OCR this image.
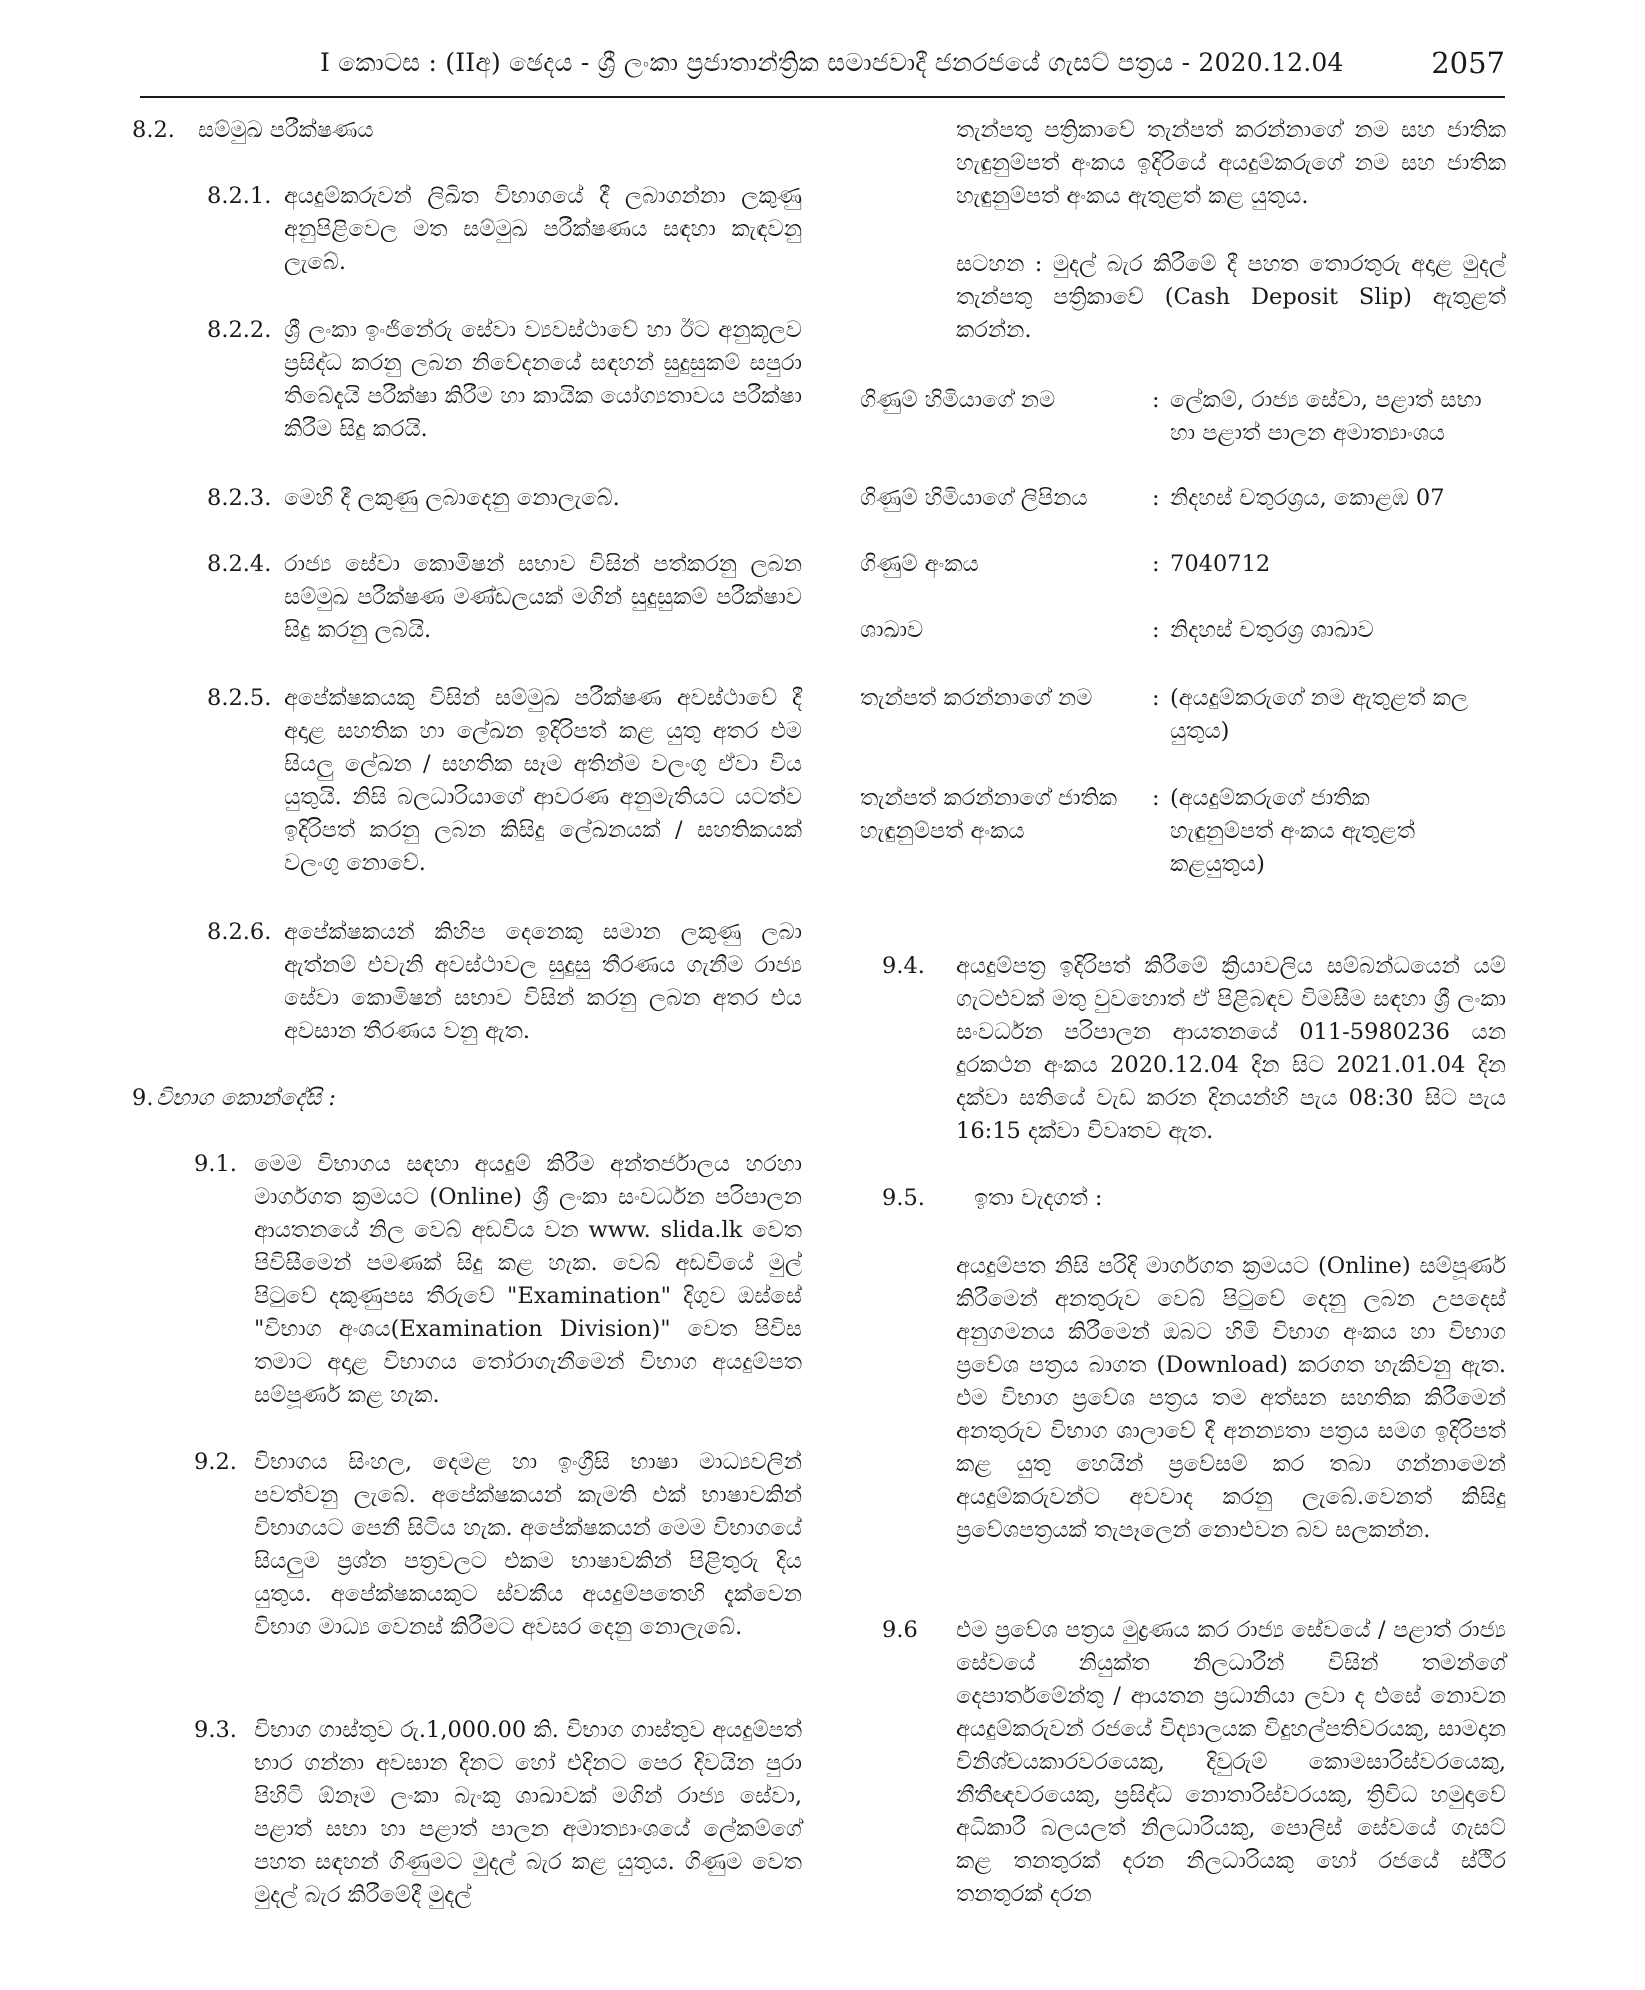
I කොටස : (IIඅ) ඡෙදය - ශ්‍රී ලංකා ප්‍රජාතාන්ත්‍රික සමාජවාදී ජනරජයේ ගැසට් පත්‍රය - 2020.12.04	2057
8.2. සම්මුඛ පරීක්ෂණය
8.2.1. අයදුම්කරුවන් ලිඛිත විභාගයේ දී ලබාගන්නා ලකුණු අනුපිළිවෙල මත සම්මුඛ පරීක්ෂණය සඳහා කැඳවනු ලැබේ.
8.2.2. ශ්‍රී ලංකා ඉංජිනේරු සේවා ව්‍යවස්ථාවේ හා ඊට අනුකූලව ප්‍රසිද්ධ කරනු ලබන නිවේදනයේ සඳහන් සුදුසුකම් සපුරා තිබේදැයි පරීක්ෂා කිරීම හා කායික යෝග්‍යතාවය පරීක්ෂා කිරීම සිදු කරයි.
8.2.3. මෙහි දී ලකුණු ලබාදෙනු නොලැබේ.
8.2.4. රාජ්‍ය සේවා කොමිෂන් සභාව විසින් පත්කරනු ලබන සම්මුඛ පරීක්ෂණ මණ්ඩලයක් මගින් සුදුසුකම් පරීක්ෂාව සිදු කරනු ලබයි.
8.2.5. අපේක්ෂකයකු විසින් සම්මුඛ පරීක්ෂණ අවස්ථාවේ දී අදාළ සහතික හා ලේඛන ඉදිරිපත් කළ යුතු අතර එම සියලු ලේඛන / සහතික සෑම අතින්ම වලංගු ඒවා විය යුතුයි. නිසි බලධාරියාගේ ආවරණ අනුමැතියට යටත්ව ඉදිරිපත් කරනු ලබන කිසිදු ලේඛනයක් / සහතිකයක් වලංගු නොවේ.
8.2.6. අපේක්ෂකයන් කිහිප දෙනෙකු සමාන ලකුණු ලබා ඇත්නම් එවැනි අවස්ථාවල සුදුසු තීරණය ගැනීම රාජ්‍ය සේවා කොමිෂන් සභාව විසින් කරනු ලබන අතර එය අවසාන තීරණය වනු ඇත.
9. විභාග කොන්දේසි :
9.1. මෙම විභාගය සඳහා අයදුම් කිරීම අන්තර්ජාලය හරහා මාර්ගගත ක්‍රමයට (Online) ශ්‍රී ලංකා සංවර්ධන පරිපාලන ආයතනයේ නිල වෙබ් අඩවිය වන www. slida.lk වෙත පිවිසීමෙන් පමණක් සිදු කළ හැක. වෙබ් අඩවියේ මුල් පිටුවේ දකුණුපස තීරුවේ "Examination" දිගුව ඔස්සේ "විභාග අංශය(Examination Division)" වෙත පිවිස තමාට අදාළ විභාගය තෝරාගැනීමෙන් විභාග අයදුම්පත සම්පූර්ණ කළ හැක.
9.2. විභාගය සිංහල, දෙමළ හා ඉංග්‍රීසි භාෂා මාධ්‍යවලින් පවත්වනු ලැබේ. අපේක්ෂකයන් කැමති එක් භාෂාවකින් විභාගයට පෙනී සිටිය හැක. අපේක්ෂකයන් මෙම විභාගයේ සියලුම ප්‍රශ්න පත්‍රවලට එකම භාෂාවකින් පිළිතුරු දිය යුතුය. අපේක්ෂකයකුට ස්වකීය අයදුම්පතෙහි දැක්වෙන විභාග මාධ්‍ය වෙනස් කිරීමට අවසර දෙනු නොලැබේ.
9.3. විභාග ගාස්තුව රු.1,000.00 කි. විභාග ගාස්තුව අයදුම්පත් භාර ගන්නා අවසාන දිනට හෝ එදිනට පෙර දිවයින පුරා පිහිටි ඕනෑම ලංකා බැංකු ශාඛාවක් මගින් රාජ්‍ය සේවා, පළාත් සභා හා පළාත් පාලන අමාත්‍යාංශයේ ලේකම්ගේ පහත සඳහන් ගිණුමට මුදල් බැර කළ යුතුය. ගිණුම වෙත මුදල් බැර කිරීමේදී මුදල්
තැන්පතු පත්‍රිකාවේ තැන්පත් කරන්නාගේ නම සහ ජාතික හැඳුනුම්පත් අංකය ඉදිරියේ අයදුම්කරුගේ නම සහ ජාතික හැඳුනුම්පත් අංකය ඇතුළත් කළ යුතුය.
සටහන : මුදල් බැර කිරීමේ දී පහත තොරතුරු අදාළ මුදල් තැන්පතු පත්‍රිකාවේ (Cash Deposit Slip) ඇතුළත් කරන්න.
ගිණුම් හිමියාගේ නම	: ලේකම්, රාජ්‍ය සේවා, පළාත් සභා හා පළාත් පාලන අමාත්‍යාංශය
ගිණුම් හිමියාගේ ලිපිනය	: නිදහස් චතුරශ්‍රය, කොළඹ 07
ගිණුම් අංකය	: 7040712
ශාඛාව	: නිදහස් චතුරශ්‍ර ශාඛාව
තැන්පත් කරන්නාගේ නම	: (අයදුම්කරුගේ නම ඇතුළත් කල යුතුය)
තැන්පත් කරන්නාගේ ජාතික හැඳුනුම්පත් අංකය
: (අයදුම්කරුගේ ජාතික හැඳුනුම්පත් අංකය ඇතුළත් කළයුතුය)
9.4. අයදුම්පත්‍ර ඉදිරිපත් කිරීමේ ක්‍රියාවලිය සම්බන්ධයෙන් යම් ගැටළුවක් මතු වුවහොත් ඒ පිළිබඳව විමසීම සඳහා ශ්‍රී ලංකා සංවර්ධන පරිපාලන ආයතනයේ 011-5980236 යන දුරකථන අංකය 2020.12.04 දින සිට 2021.01.04 දින දක්වා සතියේ වැඩ කරන දිනයන්හි පැය 08:30 සිට පැය 16:15 දක්වා විවෘතව ඇත.
9.5. ඉතා වැදගත් :
අයදුම්පත නිසි පරිදි මාර්ගගත ක්‍රමයට (Online) සම්පූර්ණ කිරීමෙන් අනතුරුව වෙබ් පිටුවේ දෙනු ලබන උපදෙස් අනුගමනය කිරීමෙන් ඔබට හිමි විභාග අංකය හා විභාග ප්‍රවේශ පත්‍රය බාගත (Download) කරගත හැකිවනු ඇත. එම විභාග ප්‍රවේශ පත්‍රය තම අත්සන සහතික කිරීමෙන් අනතුරුව විභාග ශාලාවේ දී අනන්‍යතා පත්‍රය සමග ඉදිරිපත් කළ යුතු හෙයින් ප්‍රවේසම් කර තබා ගන්නාමෙන් අයදුම්කරුවන්ට අවවාද කරනු ලැබේ.වෙනත් කිසිදු ප්‍රවේශපත්‍රයක් තැපෑලෙන් නොඑවන බව සලකන්න.
9.6 එම ප්‍රවේශ පත්‍රය මුද්‍රණය කර රාජ්‍ය සේවයේ / පළාත් රාජ්‍ය සේවයේ නියුක්ත නිලධාරීන් විසින් තමන්ගේ දෙපාර්තමේන්තු / ආයතන ප්‍රධානියා ලවා ද එසේ නොවන අයදුම්කරුවන් රජයේ විද්‍යාලයක විදුහල්පතිවරයකු, සාමදාන විනිශ්චයකාරවරයෙකු, දිවුරුම් කොමසාරිස්වරයෙකු, නීතීඥවරයෙකු, ප්‍රසිද්ධ නොතාරිස්වරයකු, ත්‍රිවිධ හමුදාවේ අධිකාරී බලයලත් නිලධාරියකු, පොලිස් සේවයේ ගැසට් කළ තනතුරක් දරන නිලධාරියකු හෝ රජයේ ස්ථිර තනතුරක් දරන
